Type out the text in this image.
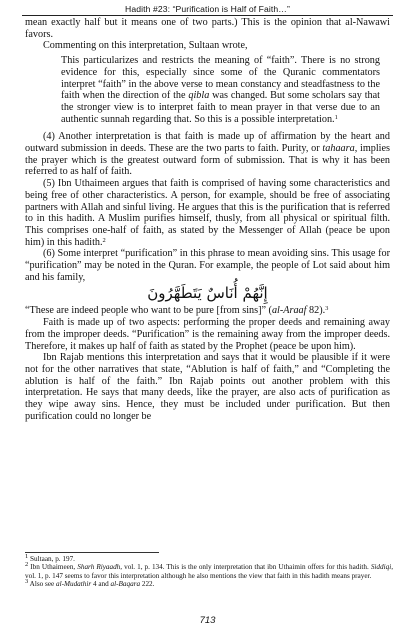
Hadith #23: “Purification is Half of Faith…”

mean exactly half but it means one of two parts.) This is the opinion that al-Nawawi favors.

Commenting on this interpretation, Sultaan wrote,

This particularizes and restricts the meaning of “faith”. There is no strong evidence for this, especially since some of the Quranic commentators interpret “faith” in the above verse to mean constancy and steadfastness to the faith when the direction of the qibla was changed. But some scholars say that the stronger view is to interpret faith to mean prayer in that verse due to an authentic sunnah regarding that. So this is a possible interpretation.$^1$

(4) Another interpretation is that faith is made up of affirmation by the heart and outward submission in deeds. These are the two parts to faith. Purity, or tahaara, implies the prayer which is the greatest outward form of submission. That is why it has been referred to as half of faith.

(5) Ibn Uthaimeen argues that faith is comprised of having some characteristics and being free of other characteristics. A person, for example, should be free of associating partners with Allah and sinful living. He argues that this is the purification that is referred to in this hadith. A Muslim purifies himself, thusly, from all physical or spiritual filth. This comprises one-half of faith, as stated by the Messenger of Allah (peace be upon him) in this hadith.$^2$

(6) Some interpret “purification” in this phrase to mean avoiding sins. This usage for “purification” may be noted in the Quran. For example, the people of Lot said about him and his family,

إِنَّهُمْ أُنَاسٌ يَتَطَهَّرُونَ

“These are indeed people who want to be pure [from sins]” (al-Araaf 82).$^3$

Faith is made up of two aspects: performing the proper deeds and remaining away from the improper deeds. “Purification” is the remaining away from the improper deeds. Therefore, it makes up half of faith as stated by the Prophet (peace be upon him).

Ibn Rajab mentions this interpretation and says that it would be plausible if it were not for the other narratives that state, “Ablution is half of faith,” and “Completing the ablution is half of the faith.” Ibn Rajab points out another problem with this interpretation. He says that many deeds, like the prayer, are also acts of purification as they wipe away sins. Hence, they must be included under purification. But then purification could no longer be

$^1$ Sultaan, p. 197.

$^2$ Ibn Uthaimeen, Sharh Riyaadh, vol. 1, p. 134. This is the only interpretation that ibn Uthaimin offers for this hadith. Siddiqi, vol. 1, p. 147 seems to favor this interpretation although he also mentions the view that faith in this hadith means prayer.

$^3$ Also see al-Mudathir 4 and al-Baqara 222.

713
